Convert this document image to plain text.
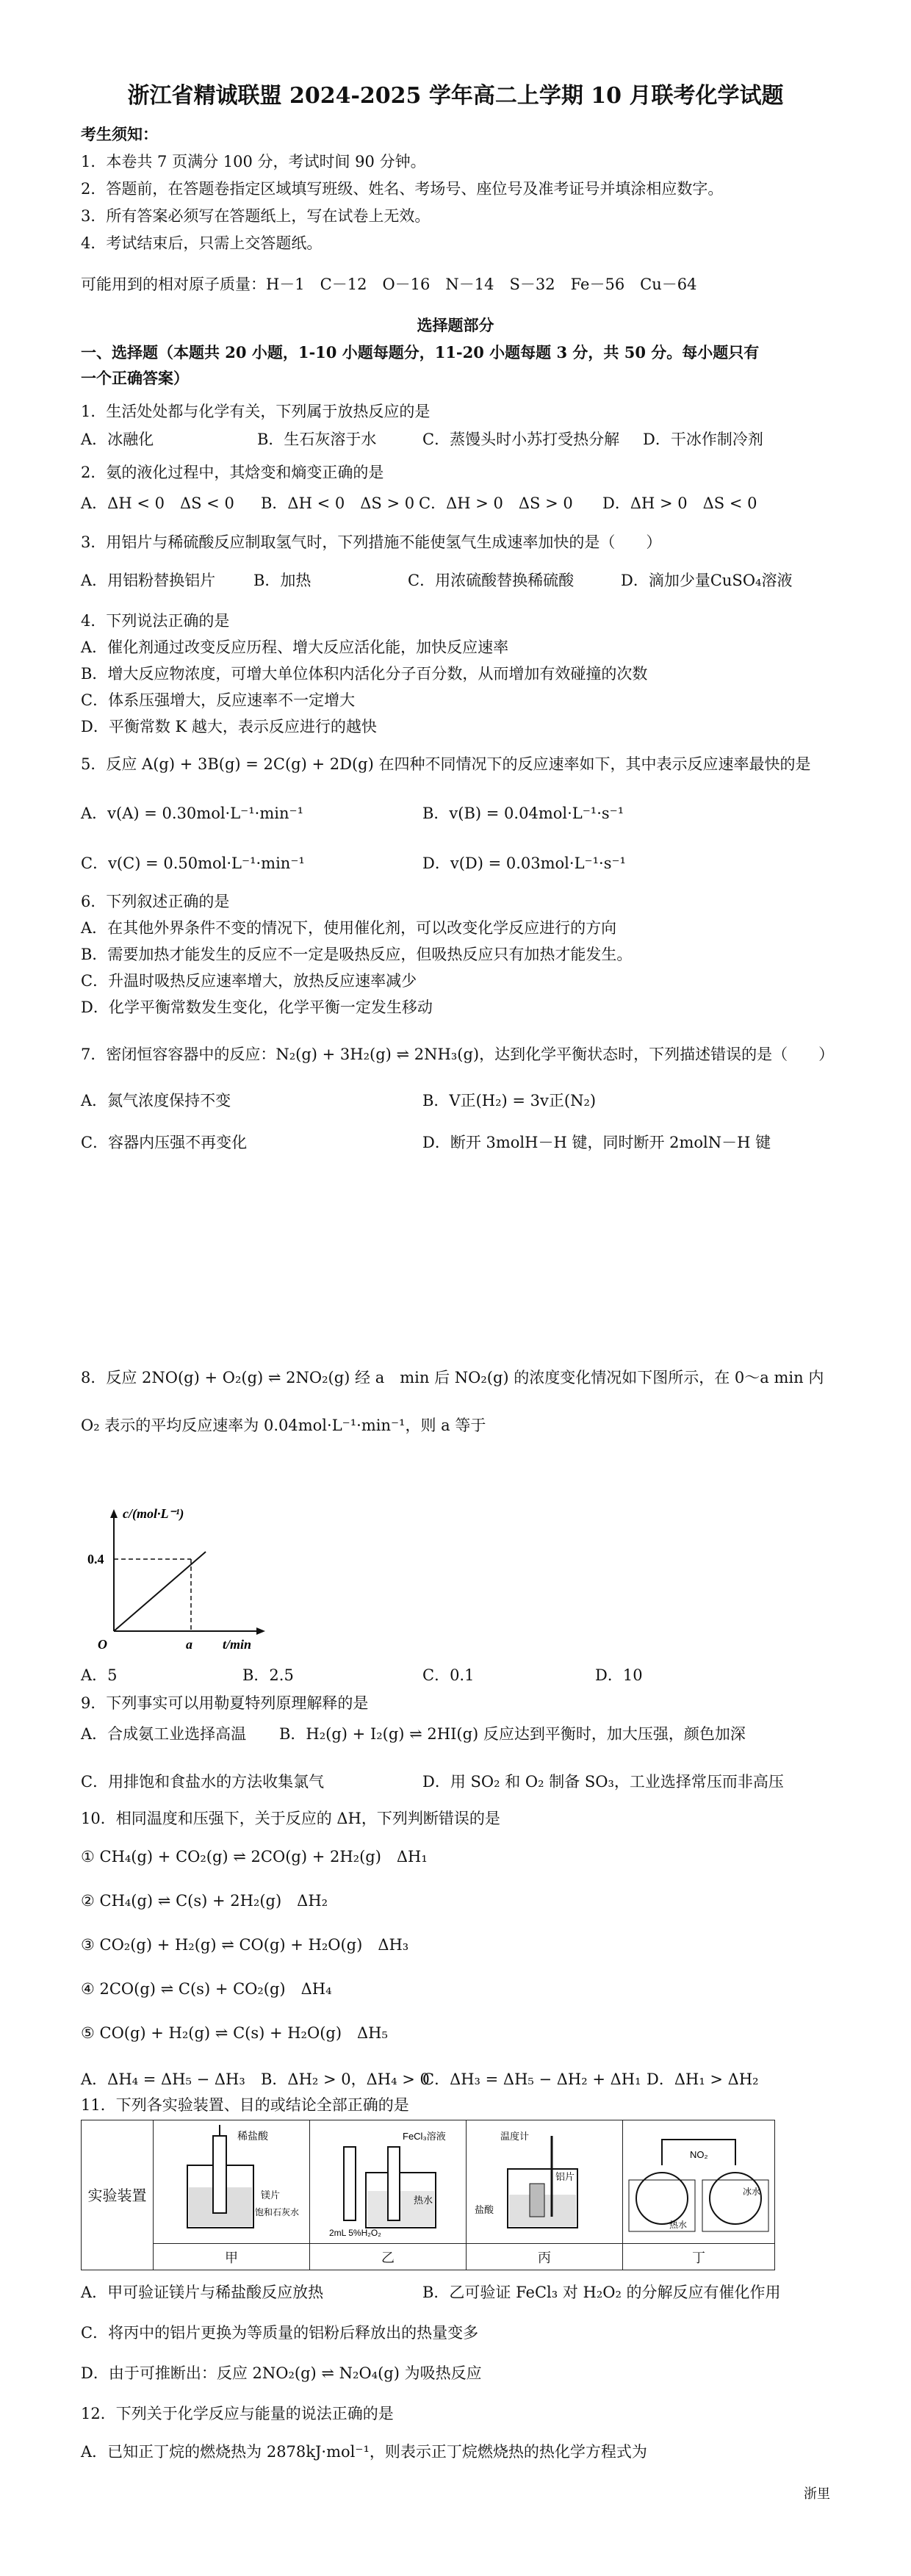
浙江省精诚联盟 2024-2025 学年高二上学期 10 月联考化学试题
考生须知：
1．本卷共 7 页满分 100 分，考试时间 90 分钟。
2．答题前，在答题卷指定区域填写班级、姓名、考场号、座位号及准考证号并填涂相应数字。
3．所有答案必须写在答题纸上，写在试卷上无效。
4．考试结束后，只需上交答题纸。
可能用到的相对原子质量：H－1　C－12　O－16　N－14　S－32　Fe－56　Cu－64
选择题部分
一、选择题（本题共 20 小题，1-10 小题每题分，11-20 小题每题 3 分，共 50 分。每小题只有
一个正确答案）
1．生活处处都与化学有关，下列属于放热反应的是
A．冰融化	B．生石灰溶于水	C．蒸馒头时小苏打受热分解 D．干冰作制冷剂
2．氨的液化过程中，其焓变和熵变正确的是
A．ΔH < 0　ΔS < 0 B．ΔH < 0　ΔS > 0 C．ΔH > 0　ΔS > 0 D．ΔH > 0　ΔS < 0
3．用铝片与稀硫酸反应制取氢气时，下列措施不能使氢气生成速率加快的是（　　）
A．用铝粉替换铝片 B．加热	C．用浓硫酸替换稀硫酸	D．滴加少量CuSO₄溶液
4．下列说法正确的是
A．催化剂通过改变反应历程、增大反应活化能，加快反应速率
B．增大反应物浓度，可增大单位体积内活化分子百分数，从而增加有效碰撞的次数
C．体系压强增大，反应速率不一定增大
D．平衡常数 K 越大，表示反应进行的越快
5．反应 A(g) + 3B(g) = 2C(g) + 2D(g) 在四种不同情况下的反应速率如下，其中表示反应速率最快的是
A．v(A) = 0.30mol·L⁻¹·min⁻¹	B．v(B) = 0.04mol·L⁻¹·s⁻¹
C．v(C) = 0.50mol·L⁻¹·min⁻¹	D．v(D) = 0.03mol·L⁻¹·s⁻¹
6．下列叙述正确的是
A．在其他外界条件不变的情况下，使用催化剂，可以改变化学反应进行的方向
B．需要加热才能发生的反应不一定是吸热反应，但吸热反应只有加热才能发生。
C．升温时吸热反应速率增大，放热反应速率减少
D．化学平衡常数发生变化，化学平衡一定发生移动
7．密闭恒容容器中的反应：N₂(g) + 3H₂(g) ⇌ 2NH₃(g)，达到化学平衡状态时，下列描述错误的是（　　）
A．氮气浓度保持不变	B．V正(H₂) = 3v正(N₂)
C．容器内压强不再变化	D．断开 3molH－H 键，同时断开 2molN－H 键
8．反应 2NO(g) + O₂(g) ⇌ 2NO₂(g) 经 a　min 后 NO₂(g) 的浓度变化情况如下图所示，在 0～a min 内
O₂ 表示的平均反应速率为 0.04mol·L⁻¹·min⁻¹，则 a 等于
c/(mol·L⁻¹)
0.4
a t/min
O
A．5	B．2.5	C．0.1	D．10
9．下列事实可以用勒夏特列原理解释的是
A．合成氨工业选择高温 B．H₂(g) + I₂(g) ⇌ 2HI(g) 反应达到平衡时，加大压强，颜色加深
C．用排饱和食盐水的方法收集氯气	D．用 SO₂ 和 O₂ 制备 SO₃，工业选择常压而非高压
10．相同温度和压强下，关于反应的 ΔH，下列判断错误的是
① CH₄(g) + CO₂(g) ⇌ 2CO(g) + 2H₂(g)　ΔH₁
② CH₄(g) ⇌ C(s) + 2H₂(g)　ΔH₂
③ CO₂(g) + H₂(g) ⇌ CO(g) + H₂O(g)　ΔH₃
④ 2CO(g) ⇌ C(s) + CO₂(g)　ΔH₄
⑤ CO(g) + H₂(g) ⇌ C(s) + H₂O(g)　ΔH₅
A．ΔH₄ = ΔH₅ − ΔH₃ B．ΔH₂ > 0，ΔH₄ > 0
C．ΔH₃ = ΔH₅ − ΔH₂ + ΔH₁ D．ΔH₁ > ΔH₂
11．下列各实验装置、目的或结论全部正确的是
实验装置	稀盐酸
镁片
饱和石灰水	FeCl₃溶液
热水
2mL 5%H₂O₂	温度计
铝片
盐酸	NO₂
热水
冰水

	甲	乙	丙	丁
A．甲可验证镁片与稀盐酸反应放热	B．乙可验证 FeCl₃ 对 H₂O₂ 的分解反应有催化作用
C．将丙中的铝片更换为等质量的铝粉后释放出的热量变多
D．由于可推断出：反应 2NO₂(g) ⇌ N₂O₄(g) 为吸热反应
12．下列关于化学反应与能量的说法正确的是
A．已知正丁烷的燃烧热为 2878kJ·mol⁻¹，则表示正丁烷燃烧热的热化学方程式为
浙里
